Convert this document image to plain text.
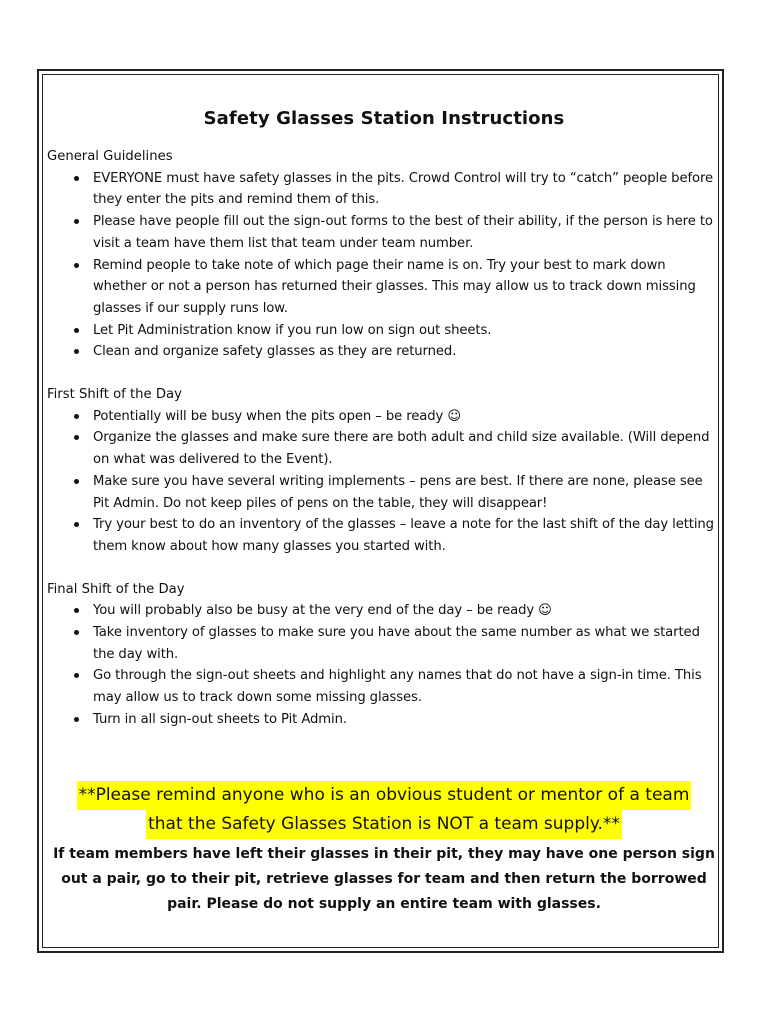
Safety Glasses Station Instructions

General Guidelines

EVERYONE must have safety glasses in the pits. Crowd Control will try to “catch” people before they enter the pits and remind them of this.
Please have people fill out the sign-out forms to the best of their ability, if the person is here to visit a team have them list that team under team number.
Remind people to take note of which page their name is on. Try your best to mark down whether or not a person has returned their glasses. This may allow us to track down missing glasses if our supply runs low.
Let Pit Administration know if you run low on sign out sheets.
Clean and organize safety glasses as they are returned.

First Shift of the Day

Potentially will be busy when the pits open – be ready ☺
Organize the glasses and make sure there are both adult and child size available. (Will depend on what was delivered to the Event).
Make sure you have several writing implements – pens are best. If there are none, please see Pit Admin. Do not keep piles of pens on the table, they will disappear!
Try your best to do an inventory of the glasses – leave a note for the last shift of the day letting them know about how many glasses you started with.

Final Shift of the Day

You will probably also be busy at the very end of the day – be ready ☺
Take inventory of glasses to make sure you have about the same number as what we started the day with.
Go through the sign-out sheets and highlight any names that do not have a sign-in time. This may allow us to track down some missing glasses.
Turn in all sign-out sheets to Pit Admin.
**Please remind anyone who is an obvious student or mentor of a team
that the Safety Glasses Station is NOT a team supply.**
If team members have left their glasses in their pit, they may have one person sign out a pair, go to their pit, retrieve glasses for team and then return the borrowed pair. Please do not supply an entire team with glasses.
